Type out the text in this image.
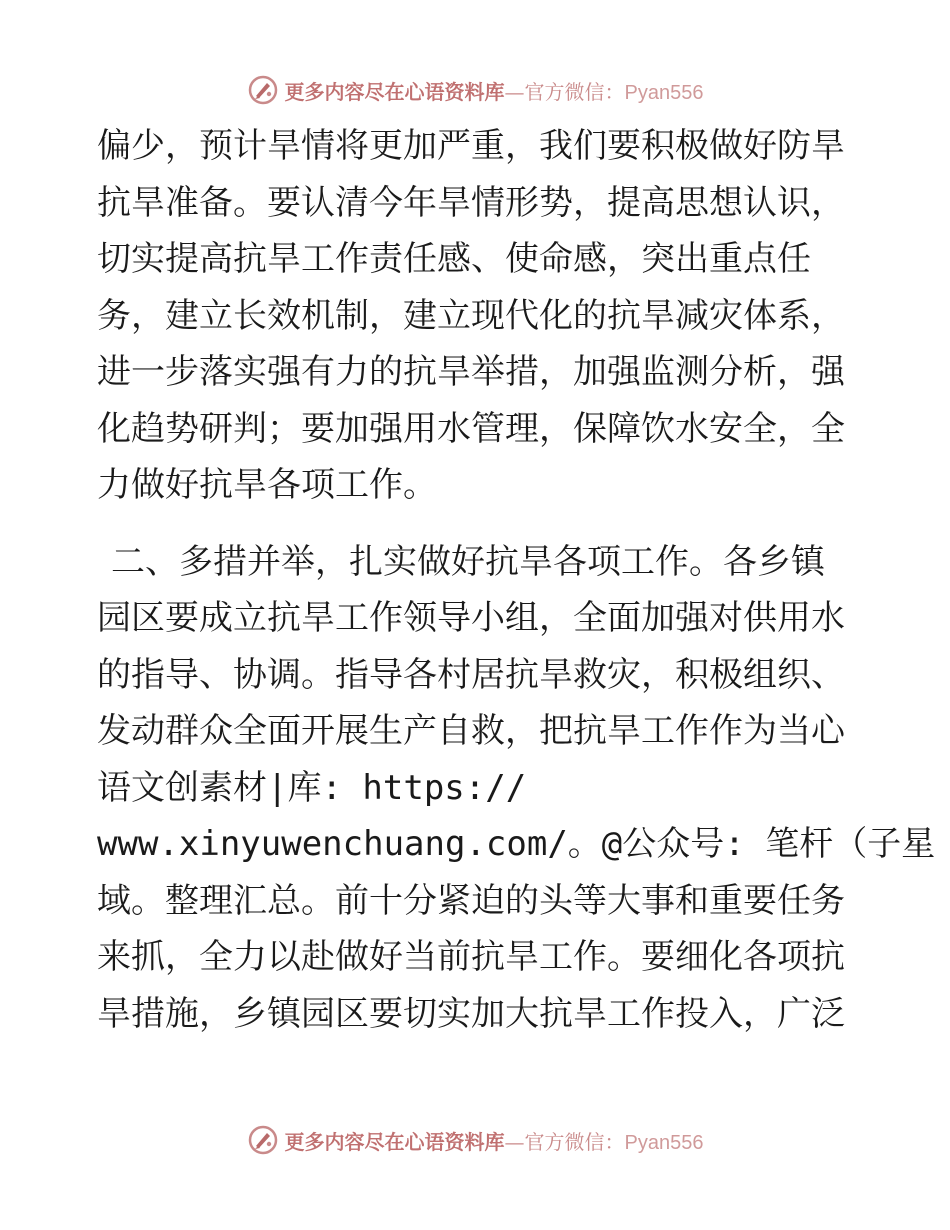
更多内容尽在心语资料库—官方微信：Pyan556
偏少，预计旱情将更加严重，我们要积极做好防旱
抗旱准备。要认清今年旱情形势，提高思想认识，
切实提高抗旱工作责任感、使命感，突出重点任
务，建立长效机制，建立现代化的抗旱减灾体系，
进一步落实强有力的抗旱举措，加强监测分析，强
化趋势研判；要加强用水管理，保障饮水安全，全
力做好抗旱各项工作。
二、多措并举，扎实做好抗旱各项工作。各乡镇
园区要成立抗旱工作领导小组，全面加强对供用水
的指导、协调。指导各村居抗旱救灾，积极组织、
发动群众全面开展生产自救，把抗旱工作作为当心
语文创素材|库: https://
www.xinyuwenchuang.com/。@公众号: 笔杆（子星
域。整理汇总。前十分紧迫的头等大事和重要任务
来抓，全力以赴做好当前抗旱工作。要细化各项抗
旱措施，乡镇园区要切实加大抗旱工作投入，广泛
更多内容尽在心语资料库—官方微信：Pyan556
